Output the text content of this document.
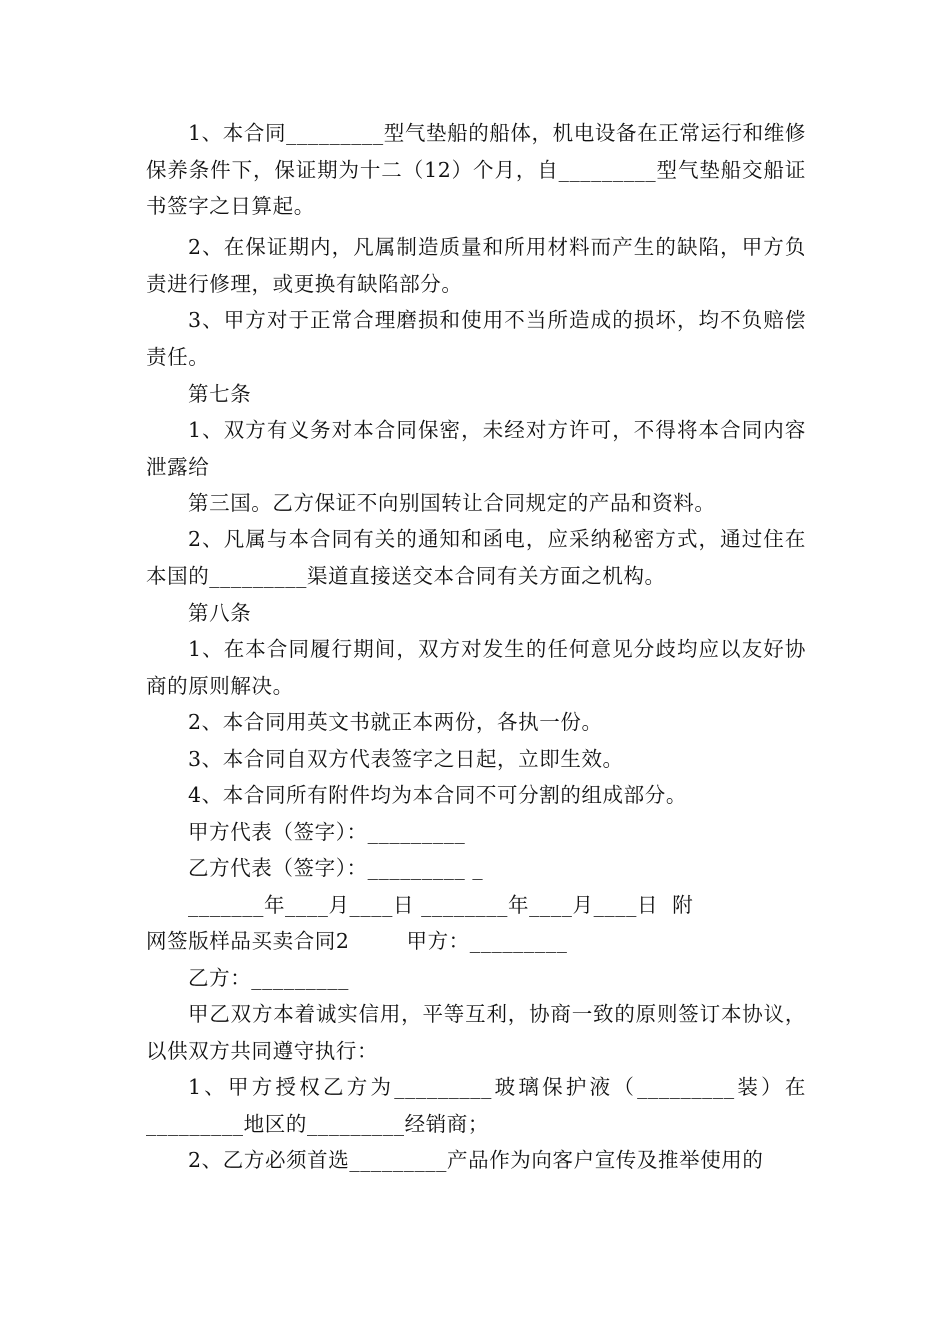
1、本合同_________型气垫船的船体，机电设备在正常运行和维修保养条件下，保证期为十二（12）个月，自_________型气垫船交船证书签字之日算起。

2、在保证期内，凡属制造质量和所用材料而产生的缺陷，甲方负责进行修理，或更换有缺陷部分。

3、甲方对于正常合理磨损和使用不当所造成的损坏，均不负赔偿责任。

第七条

1、双方有义务对本合同保密，未经对方许可，不得将本合同内容泄露给

第三国。乙方保证不向别国转让合同规定的产品和资料。

2、凡属与本合同有关的通知和函电，应采纳秘密方式，通过住在本国的_________渠道直接送交本合同有关方面之机构。

第八条

1、在本合同履行期间，双方对发生的任何意见分歧均应以友好协商的原则解决。

2、本合同用英文书就正本两份，各执一份。

3、本合同自双方代表签字之日起，立即生效。

4、本合同所有附件均为本合同不可分割的组成部分。

甲方代表（签字）：_________

乙方代表（签字）：_________ _

_______年____月____日 ________年____月____日  附

网签版样品买卖合同2        甲方：_________

乙方：_________

甲乙双方本着诚实信用，平等互利，协商一致的原则签订本协议，以供双方共同遵守执行：

1、甲方授权乙方为_________玻璃保护液（_________装）在_________地区的_________经销商；

2、乙方必须首选_________产品作为向客户宣传及推举使用的
